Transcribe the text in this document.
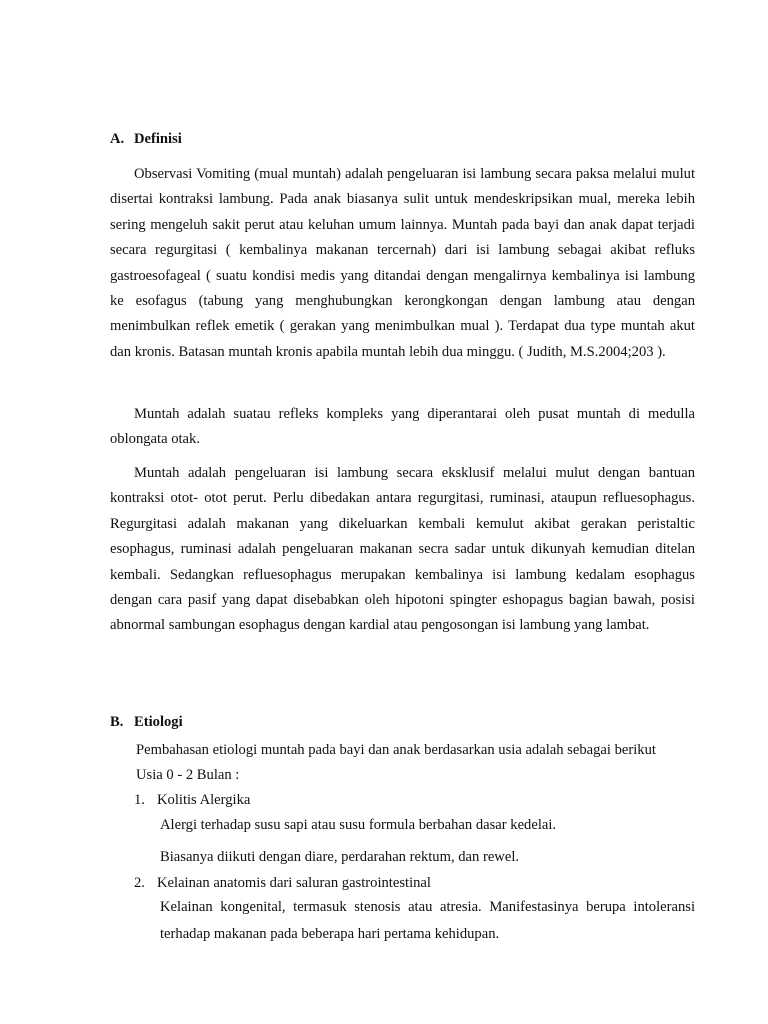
A. Definisi

Observasi Vomiting (mual muntah) adalah pengeluaran isi lambung secara paksa melalui mulut disertai kontraksi lambung. Pada anak biasanya sulit untuk mendeskripsikan mual, mereka lebih sering mengeluh sakit perut atau keluhan umum lainnya. Muntah pada bayi dan anak dapat terjadi secara regurgitasi ( kembalinya makanan tercernah) dari isi lambung sebagai akibat refluks gastroesofageal ( suatu kondisi medis yang ditandai dengan mengalirnya kembalinya isi lambung ke esofagus (tabung yang menghubungkan kerongkongan dengan lambung atau dengan menimbulkan reflek emetik ( gerakan yang menimbulkan mual ). Terdapat dua type muntah akut dan kronis. Batasan muntah kronis apabila muntah lebih dua minggu. ( Judith, M.S.2004;203 ).

Muntah adalah suatau refleks kompleks yang diperantarai oleh pusat muntah di medulla oblongata otak.

Muntah adalah pengeluaran isi lambung secara eksklusif melalui mulut dengan bantuan kontraksi otot- otot perut. Perlu dibedakan antara regurgitasi, ruminasi, ataupun refluesophagus. Regurgitasi adalah makanan yang dikeluarkan kembali kemulut akibat gerakan peristaltic esophagus, ruminasi adalah pengeluaran makanan secra sadar untuk dikunyah kemudian ditelan kembali. Sedangkan refluesophagus merupakan kembalinya isi lambung kedalam esophagus dengan cara pasif yang dapat disebabkan oleh hipotoni spingter eshopagus bagian bawah, posisi abnormal sambungan esophagus dengan kardial atau pengosongan isi lambung yang lambat.

B. Etiologi
Pembahasan etiologi muntah pada bayi dan anak berdasarkan usia adalah sebagai berikut
Usia 0 - 2 Bulan :
1. Kolitis Alergika
Alergi terhadap susu sapi atau susu formula berbahan dasar kedelai.
Biasanya diikuti dengan diare, perdarahan rektum, dan rewel.
2. Kelainan anatomis dari saluran gastrointestinal

Kelainan kongenital, termasuk stenosis atau atresia. Manifestasinya berupa intoleransi terhadap makanan pada beberapa hari pertama kehidupan.
